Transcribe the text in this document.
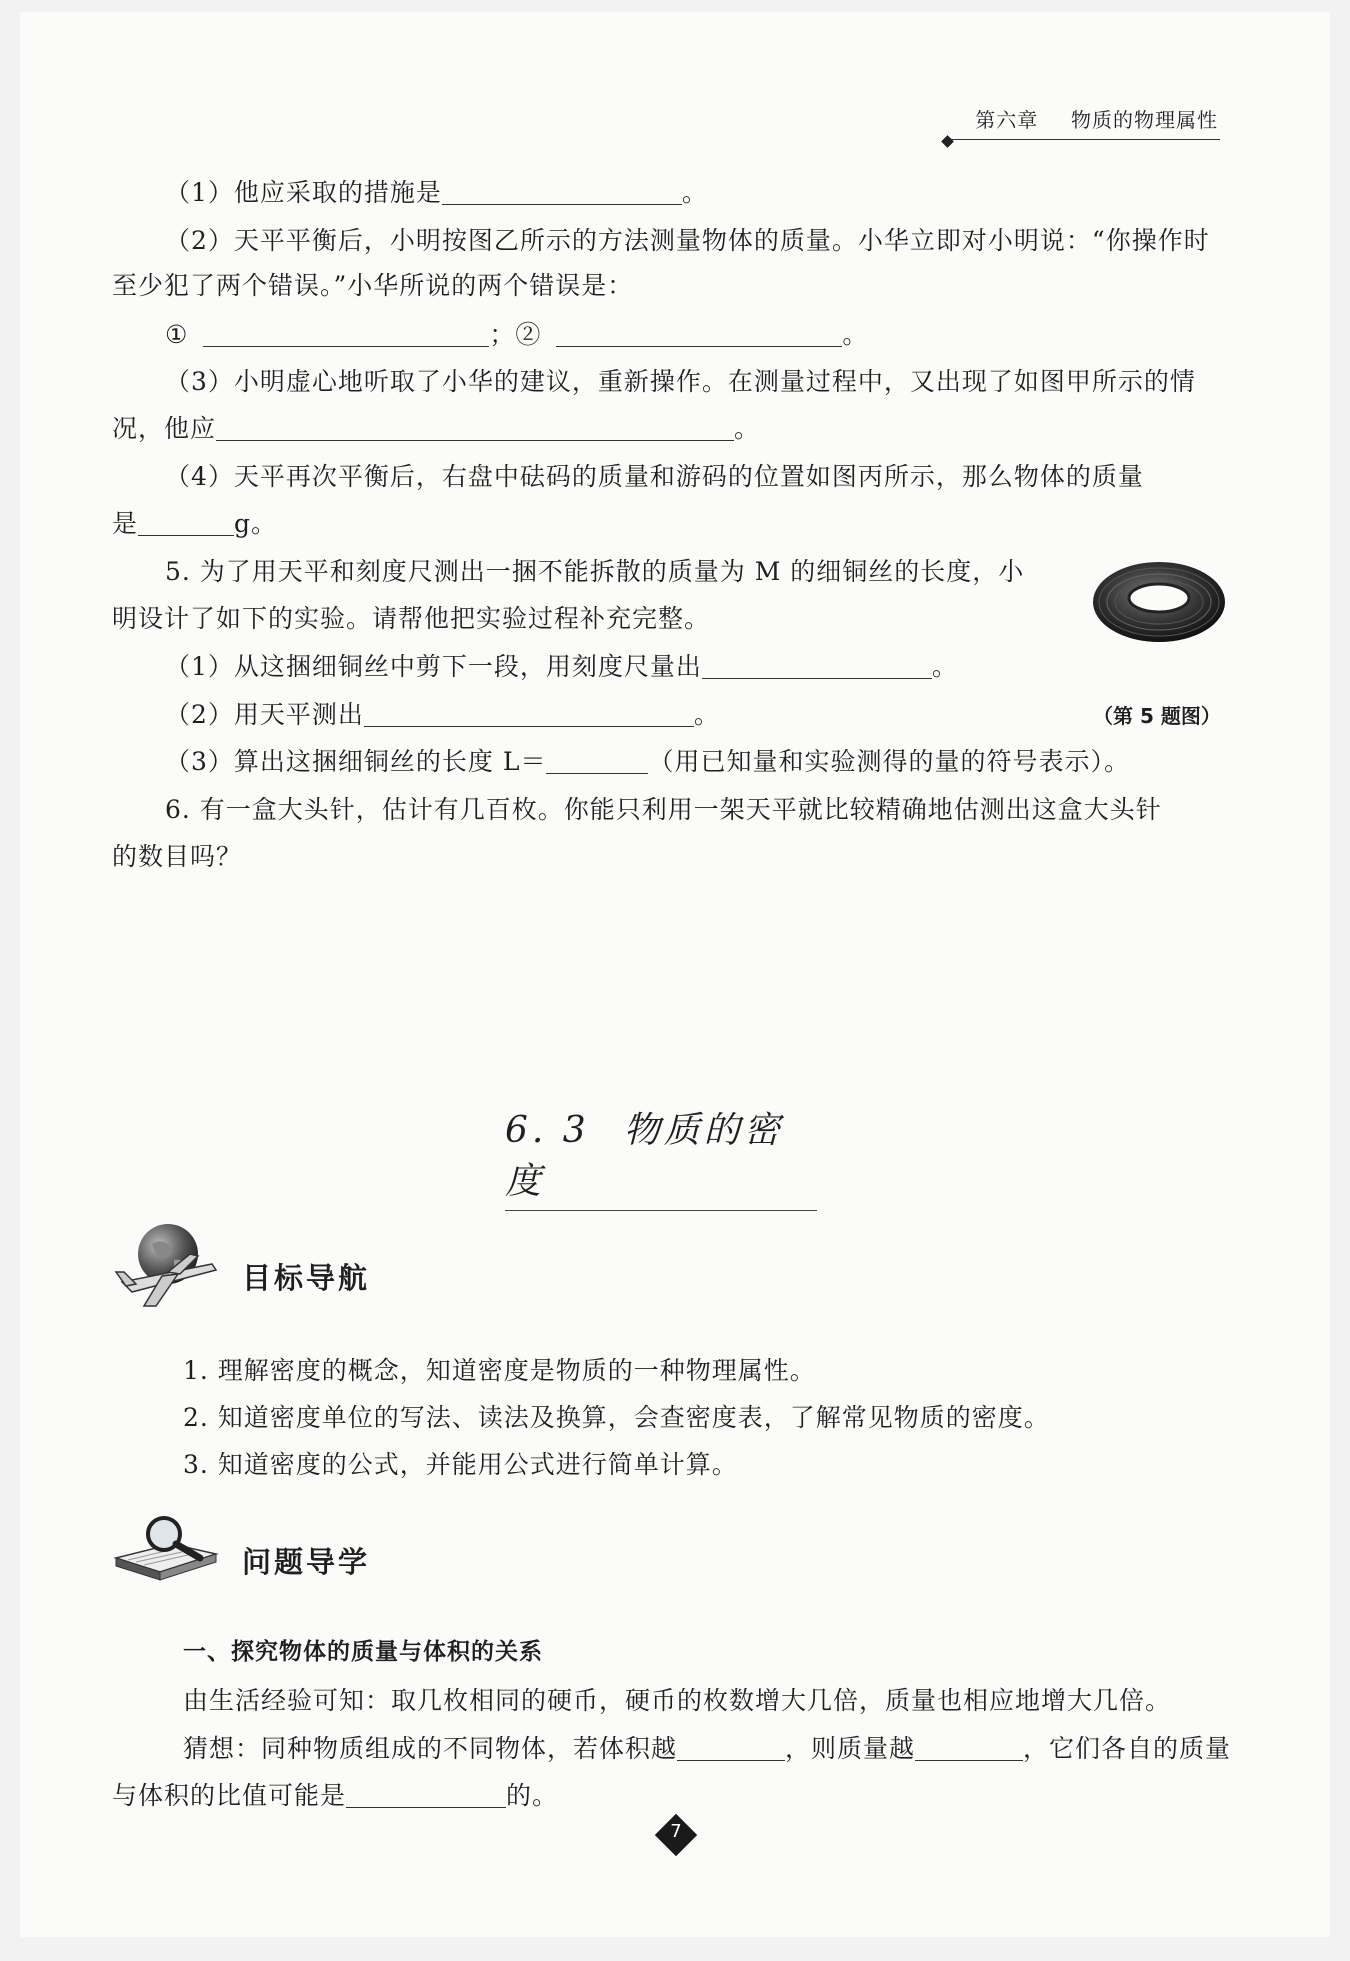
第六章 物质的物理属性
（1）他应采取的措施是	。
（2）天平平衡后，小明按图乙所示的方法测量物体的质量。小华立即对小明说：“你操作时
至少犯了两个错误。”小华所说的两个错误是：
①	；②	。
（3）小明虚心地听取了小华的建议，重新操作。在测量过程中，又出现了如图甲所示的情
况，他应	。
（4）天平再次平衡后，右盘中砝码的质量和游码的位置如图丙所示，那么物体的质量
是	g。
5. 为了用天平和刻度尺测出一捆不能拆散的质量为 M 的细铜丝的长度，小
明设计了如下的实验。请帮他把实验过程补充完整。
（1）从这捆细铜丝中剪下一段，用刻度尺量出	。
（2）用天平测出	。
（3）算出这捆细铜丝的长度 L＝	（用已知量和实验测得的量的符号表示）。
（第 5 题图）
6. 有一盒大头针，估计有几百枚。你能只利用一架天平就比较精确地估测出这盒大头针
的数目吗？
6. 3 物质的密度
目标导航
1. 理解密度的概念，知道密度是物质的一种物理属性。
2. 知道密度单位的写法、读法及换算，会查密度表，了解常见物质的密度。
3. 知道密度的公式，并能用公式进行简单计算。
问题导学
一、探究物体的质量与体积的关系
由生活经验可知：取几枚相同的硬币，硬币的枚数增大几倍，质量也相应地增大几倍。
猜想：同种物质组成的不同物体，若体积越	，则质量越	，它们各自的质量
与体积的比值可能是	的。
7
